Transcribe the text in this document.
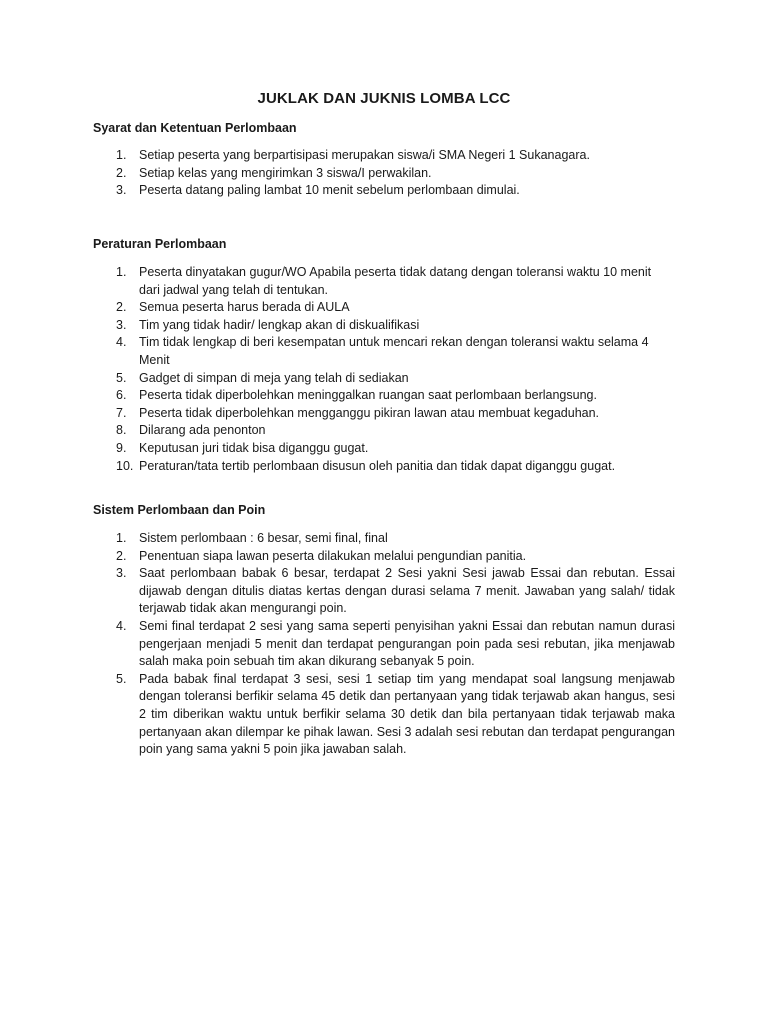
JUKLAK DAN JUKNIS LOMBA LCC
Syarat dan Ketentuan Perlombaan
1. Setiap peserta yang berpartisipasi merupakan siswa/i SMA Negeri 1 Sukanagara.
2. Setiap kelas yang mengirimkan 3 siswa/I perwakilan.
3. Peserta datang paling lambat 10 menit sebelum perlombaan dimulai.
Peraturan Perlombaan
1. Peserta dinyatakan gugur/WO Apabila peserta tidak datang dengan toleransi waktu 10 menit dari jadwal yang telah di tentukan.
2. Semua peserta harus berada di AULA
3. Tim yang tidak hadir/ lengkap akan di diskualifikasi
4. Tim tidak lengkap di beri kesempatan untuk mencari rekan dengan toleransi waktu selama 4 Menit
5. Gadget di simpan di meja yang telah di sediakan
6. Peserta tidak diperbolehkan meninggalkan ruangan saat perlombaan berlangsung.
7. Peserta tidak diperbolehkan mengganggu pikiran lawan atau membuat kegaduhan.
8. Dilarang ada penonton
9. Keputusan juri tidak bisa diganggu gugat.
10. Peraturan/tata tertib perlombaan disusun oleh panitia dan tidak dapat diganggu gugat.
Sistem Perlombaan dan Poin
1. Sistem perlombaan : 6 besar, semi final, final
2. Penentuan siapa lawan peserta dilakukan melalui pengundian panitia.
3. Saat perlombaan babak 6 besar, terdapat 2 Sesi yakni Sesi jawab Essai dan rebutan. Essai dijawab dengan ditulis diatas kertas dengan durasi selama 7 menit. Jawaban yang salah/ tidak terjawab tidak akan mengurangi poin.
4. Semi final terdapat 2 sesi yang sama seperti penyisihan yakni Essai dan rebutan namun durasi pengerjaan menjadi 5 menit dan terdapat pengurangan poin pada sesi rebutan, jika menjawab salah maka poin sebuah tim akan dikurang sebanyak 5 poin.
5. Pada babak final terdapat 3 sesi, sesi 1 setiap tim yang mendapat soal langsung menjawab dengan toleransi berfikir selama 45 detik dan pertanyaan yang tidak terjawab akan hangus, sesi 2 tim diberikan waktu untuk berfikir selama 30 detik dan bila pertanyaan tidak terjawab maka pertanyaan akan dilempar ke pihak lawan. Sesi 3 adalah sesi rebutan dan terdapat pengurangan poin yang sama yakni 5 poin jika jawaban salah.
